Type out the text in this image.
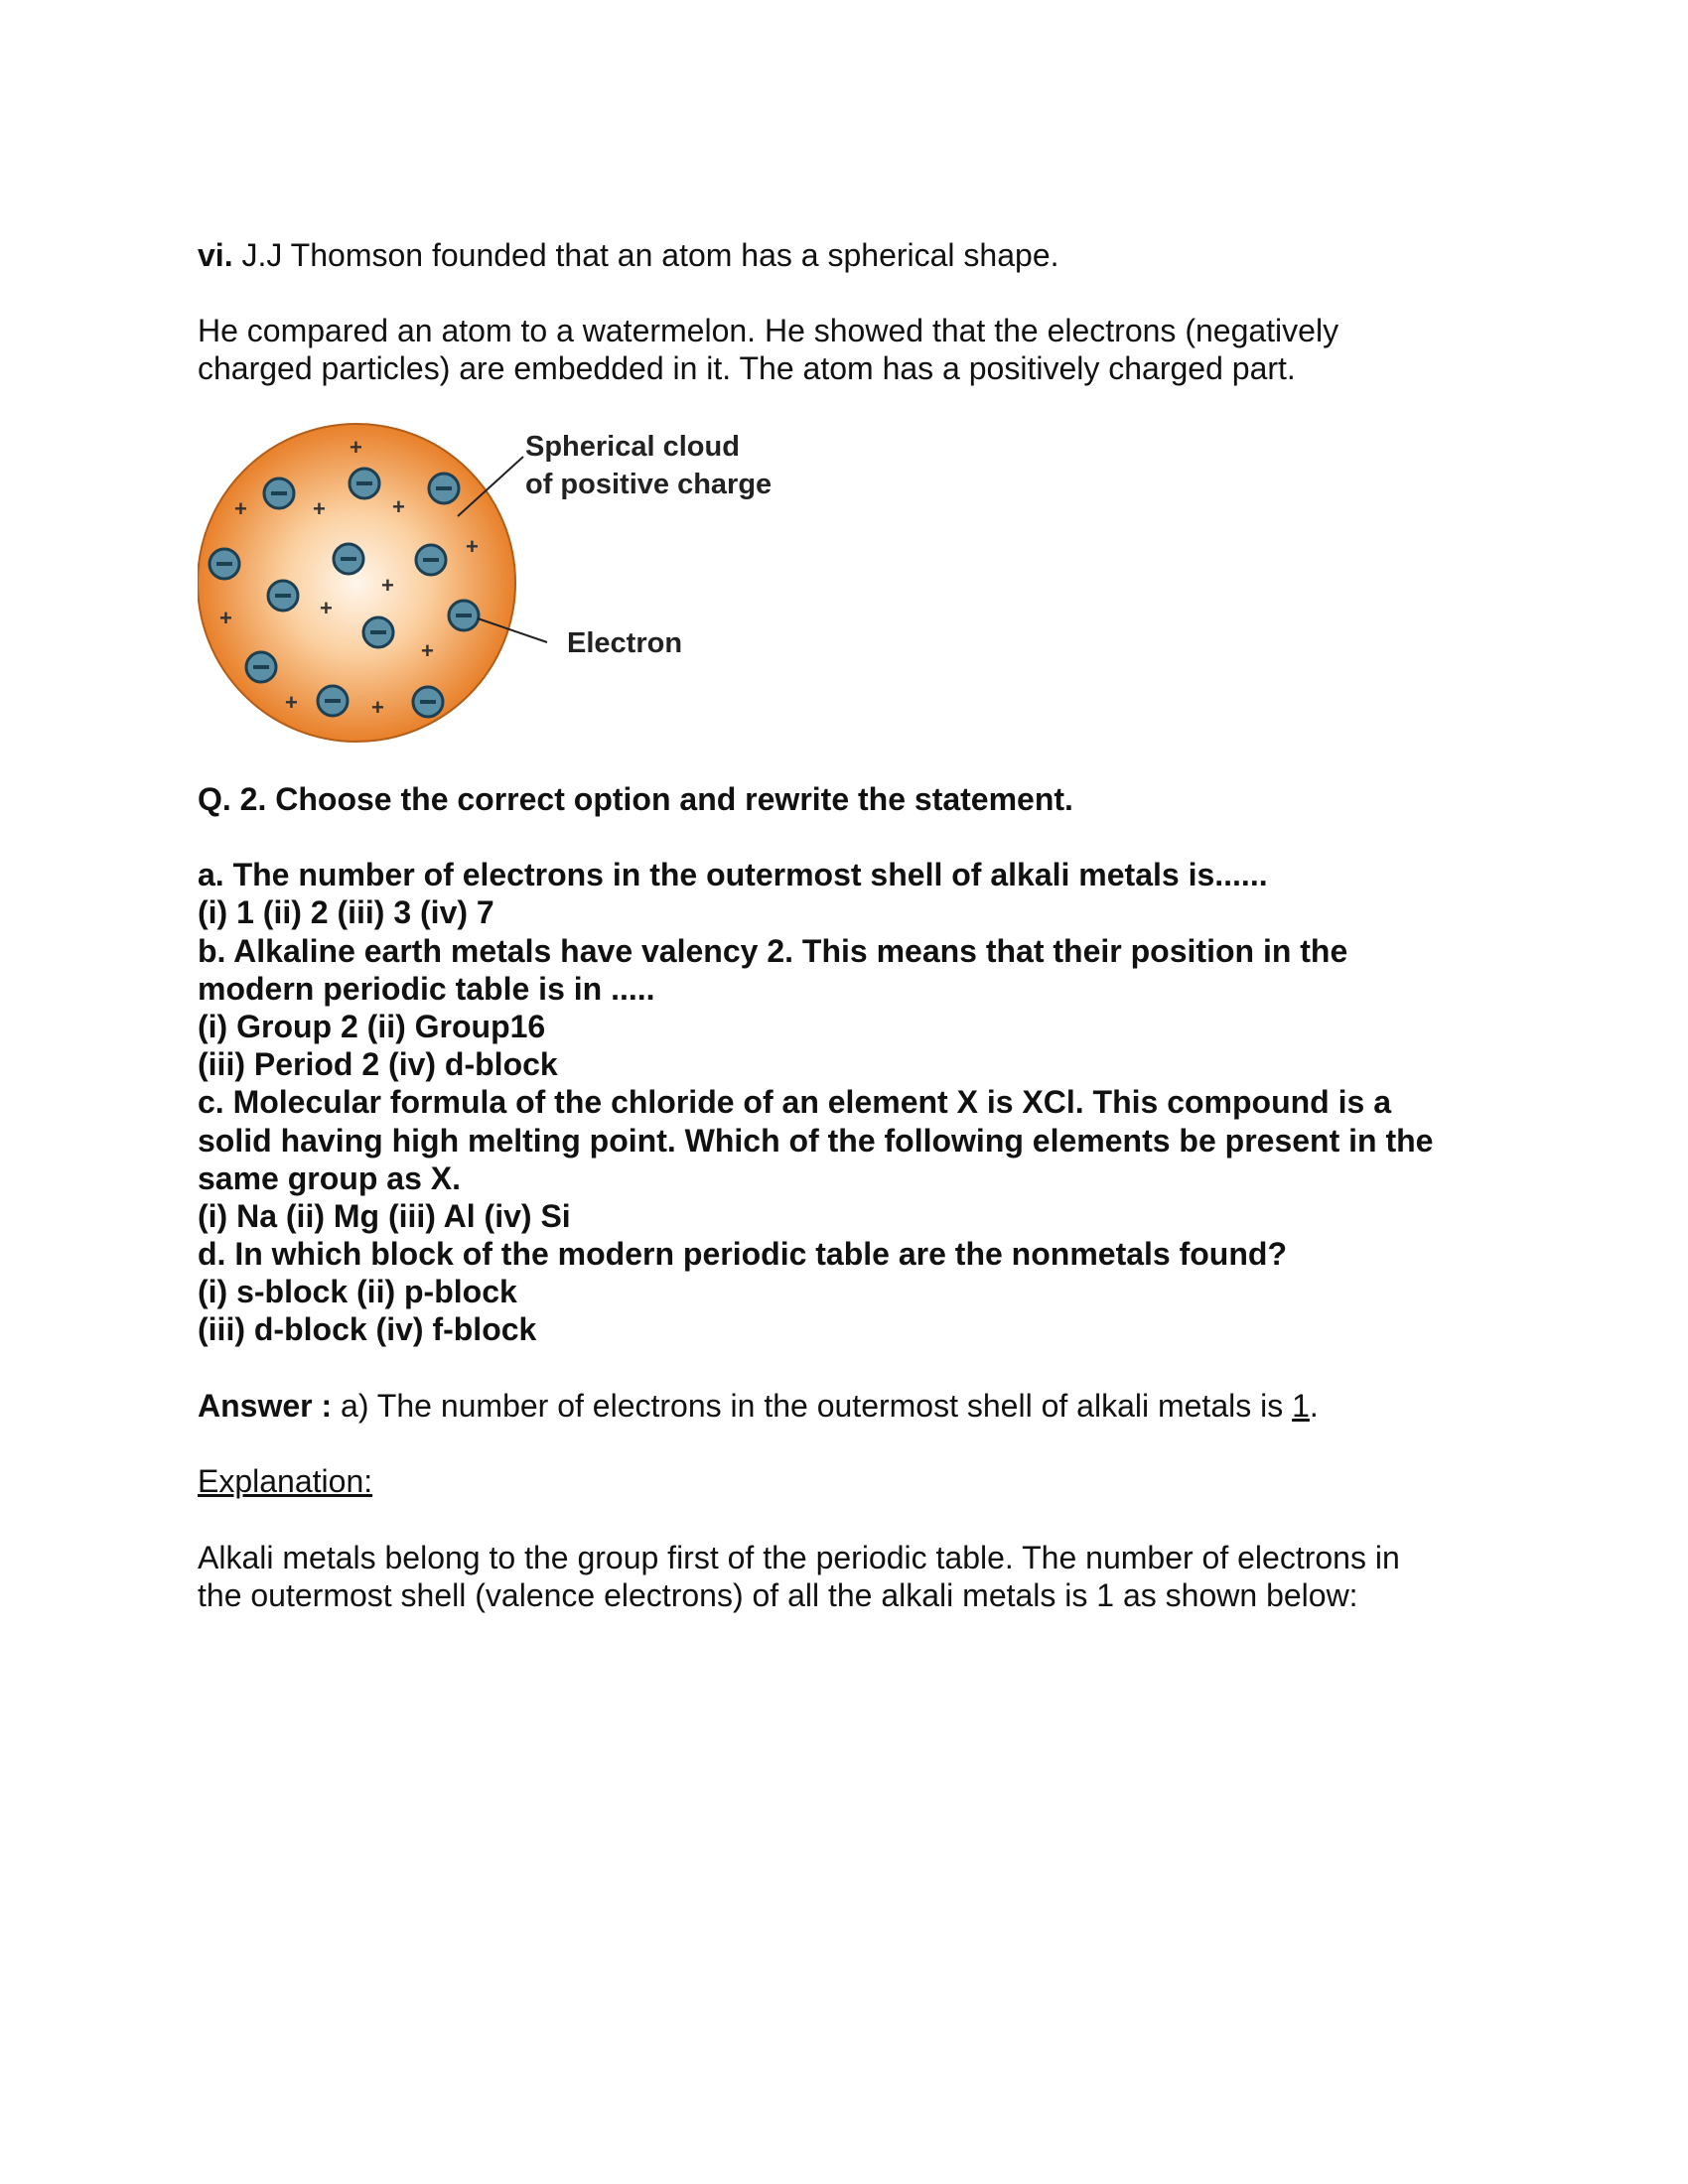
vi. J.J Thomson founded that an atom has a spherical shape.

He compared an atom to a watermelon. He showed that the electrons (negatively

charged particles) are embedded in it. The atom has a positively charged part.

+
+	+	+
+
+
+
+
+
+	+
Spherical cloud
of positive charge
Electron

Q. 2. Choose the correct option and rewrite the statement.

a. The number of electrons in the outermost shell of alkali metals is......

(i) 1 (ii) 2 (iii) 3 (iv) 7

b. Alkaline earth metals have valency 2. This means that their position in the

modern periodic table is in .....

(i) Group 2 (ii) Group16

(iii) Period 2 (iv) d-block

c. Molecular formula of the chloride of an element X is XCl. This compound is a

solid having high melting point. Which of the following elements be present in the

same group as X.

(i) Na (ii) Mg (iii) Al (iv) Si

d. In which block of the modern periodic table are the nonmetals found?

(i) s-block (ii) p-block

(iii) d-block (iv) f-block

Answer : a) The number of electrons in the outermost shell of alkali metals is 1.

Explanation:

Alkali metals belong to the group first of the periodic table. The number of electrons in

the outermost shell (valence electrons) of all the alkali metals is 1 as shown below:
